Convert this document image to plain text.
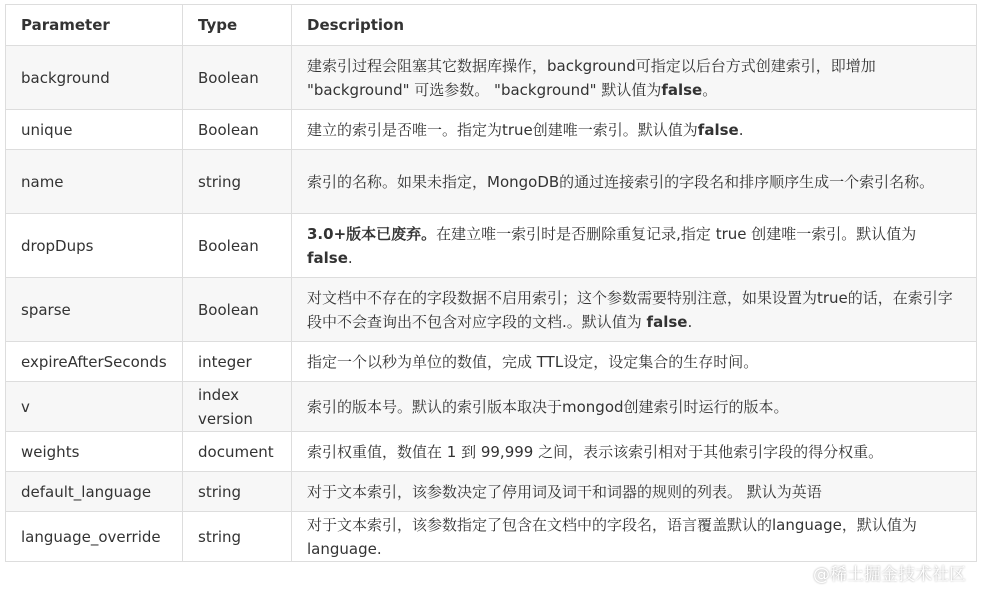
Parameter	Type	Description
background	Boolean	建索引过程会阻塞其它数据库操作，background可指定以后台方式创建索引，即增加 "background" 可选参数。 "background" 默认值为false。
unique	Boolean	建立的索引是否唯一。指定为true创建唯一索引。默认值为false.
name	string	索引的名称。如果未指定，MongoDB的通过连接索引的字段名和排序顺序生成一个索引名称。
dropDups	Boolean	3.0+版本已废弃。在建立唯一索引时是否删除重复记录,指定 true 创建唯一索引。默认值为 false.
sparse	Boolean	对文档中不存在的字段数据不启用索引；这个参数需要特别注意，如果设置为true的话，在索引字段中不会查询出不包含对应字段的文档.。默认值为 false.
expireAfterSeconds	integer	指定一个以秒为单位的数值，完成 TTL设定，设定集合的生存时间。
v	index version	索引的版本号。默认的索引版本取决于mongod创建索引时运行的版本。
weights	document	索引权重值，数值在 1 到 99,999 之间，表示该索引相对于其他索引字段的得分权重。
default_language	string	对于文本索引，该参数决定了停用词及词干和词器的规则的列表。 默认为英语
language_override	string	对于文本索引，该参数指定了包含在文档中的字段名，语言覆盖默认的language，默认值为 language.
@稀土掘金技术社区
